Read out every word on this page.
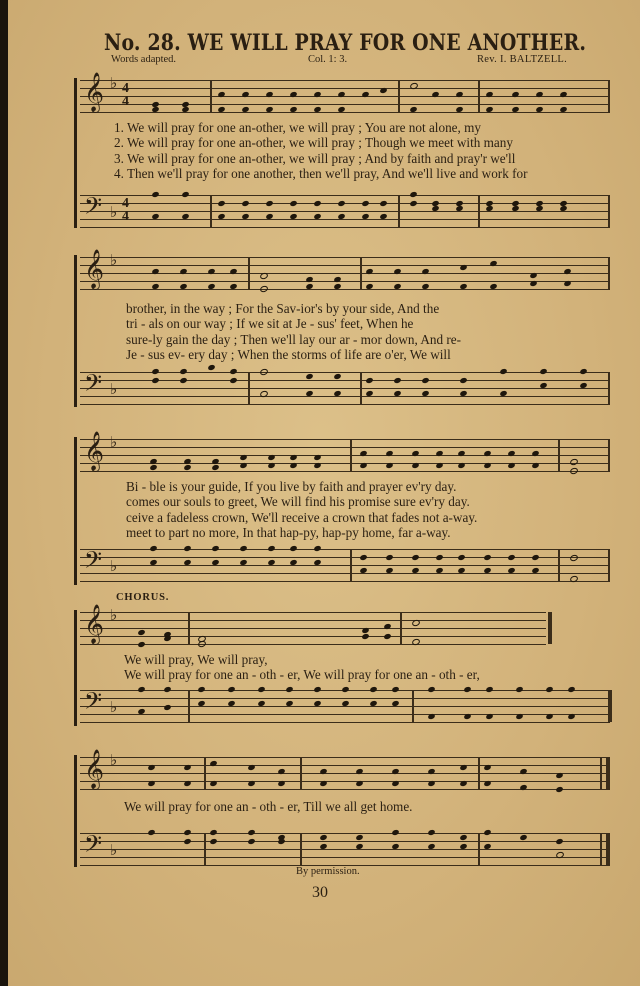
No. 28. WE WILL PRAY FOR ONE ANOTHER.
Words adapted.	Col. 1: 3.	Rev. I. BALTZELL.
𝄞 ♭ 4
4
1. We will pray for one an-other, we will pray ; You are not alone, my
2. We will pray for one an-other, we will pray ; Though we meet with many
3. We will pray for one an-other, we will pray ; And by faith and pray'r we'll
4. Then we'll pray for one another, then we'll pray, And we'll live and work for
𝄢 ♭ 4
4
𝄞 ♭
brother, in the way ; For the Sav-ior's by your side, And the
tri - als on our way ; If we sit at Je - sus' feet, When he
sure-ly gain the day ; Then we'll lay our ar - mor down, And re-
Je - sus ev- ery day ; When the storms of life are o'er, We will
𝄢 ♭
𝄞 ♭
Bi - ble is your guide, If you live by faith and prayer ev'ry day.
comes our souls to greet, We will find his promise sure ev'ry day.
ceive a fadeless crown, We'll receive a crown that fades not a-way.
meet to part no more, In that hap-py, hap-py home, far a-way.
𝄢 ♭
CHORUS.
𝄞 ♭
We will pray, We will pray,
We will pray for one an - oth - er, We will pray for one an - oth - er,
𝄢 ♭
𝄞 ♭
We will pray for one an - oth - er, Till we all get home.
𝄢 ♭
By permission.
30
